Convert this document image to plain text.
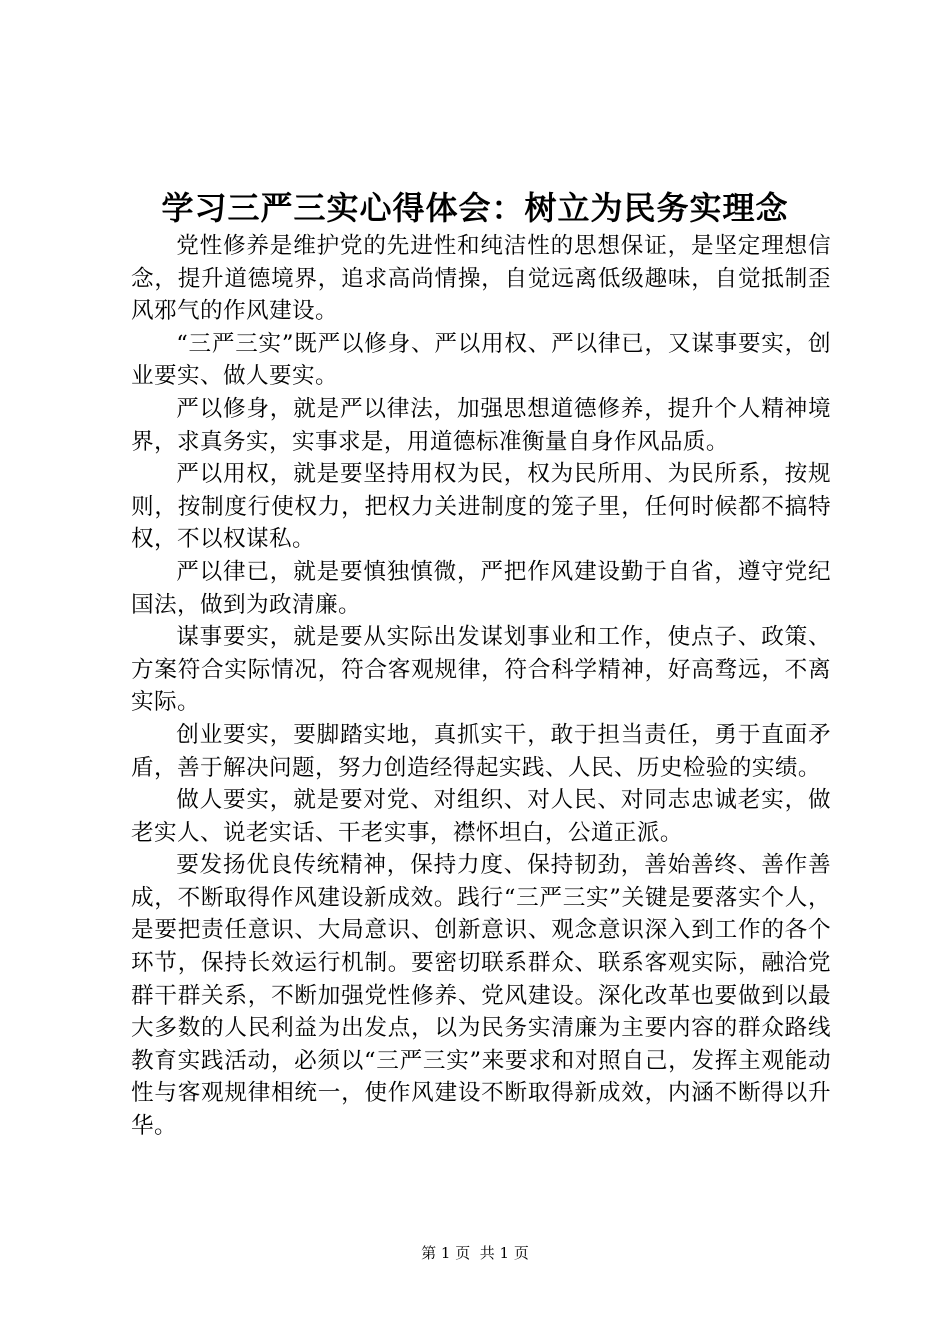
学习三严三实心得体会：树立为民务实理念

党性修养是维护党的先进性和纯洁性的思想保证，是坚定理想信念，提升道德境界，追求高尚情操，自觉远离低级趣味，自觉抵制歪风邪气的作风建设。

“三严三实”既严以修身、严以用权、严以律已，又谋事要实，创业要实、做人要实。

严以修身，就是严以律法，加强思想道德修养，提升个人精神境界，求真务实，实事求是，用道德标准衡量自身作风品质。

严以用权，就是要坚持用权为民，权为民所用、为民所系，按规则，按制度行使权力，把权力关进制度的笼子里，任何时候都不搞特权，不以权谋私。

严以律已，就是要慎独慎微，严把作风建设勤于自省，遵守党纪国法，做到为政清廉。

谋事要实，就是要从实际出发谋划事业和工作，使点子、政策、方案符合实际情况，符合客观规律，符合科学精神，好高骛远，不离实际。

创业要实，要脚踏实地，真抓实干，敢于担当责任，勇于直面矛盾，善于解决问题，努力创造经得起实践、人民、历史检验的实绩。

做人要实，就是要对党、对组织、对人民、对同志忠诚老实，做老实人、说老实话、干老实事，襟怀坦白，公道正派。

要发扬优良传统精神，保持力度、保持韧劲，善始善终、善作善成，不断取得作风建设新成效。践行“三严三实”关键是要落实个人，是要把责任意识、大局意识、创新意识、观念意识深入到工作的各个环节，保持长效运行机制。要密切联系群众、联系客观实际，融洽党群干群关系，不断加强党性修养、党风建设。深化改革也要做到以最大多数的人民利益为出发点，以为民务实清廉为主要内容的群众路线教育实践活动，必须以“三严三实”来要求和对照自己，发挥主观能动性与客观规律相统一，使作风建设不断取得新成效，内涵不断得以升华。

第 1 页  共 1 页
